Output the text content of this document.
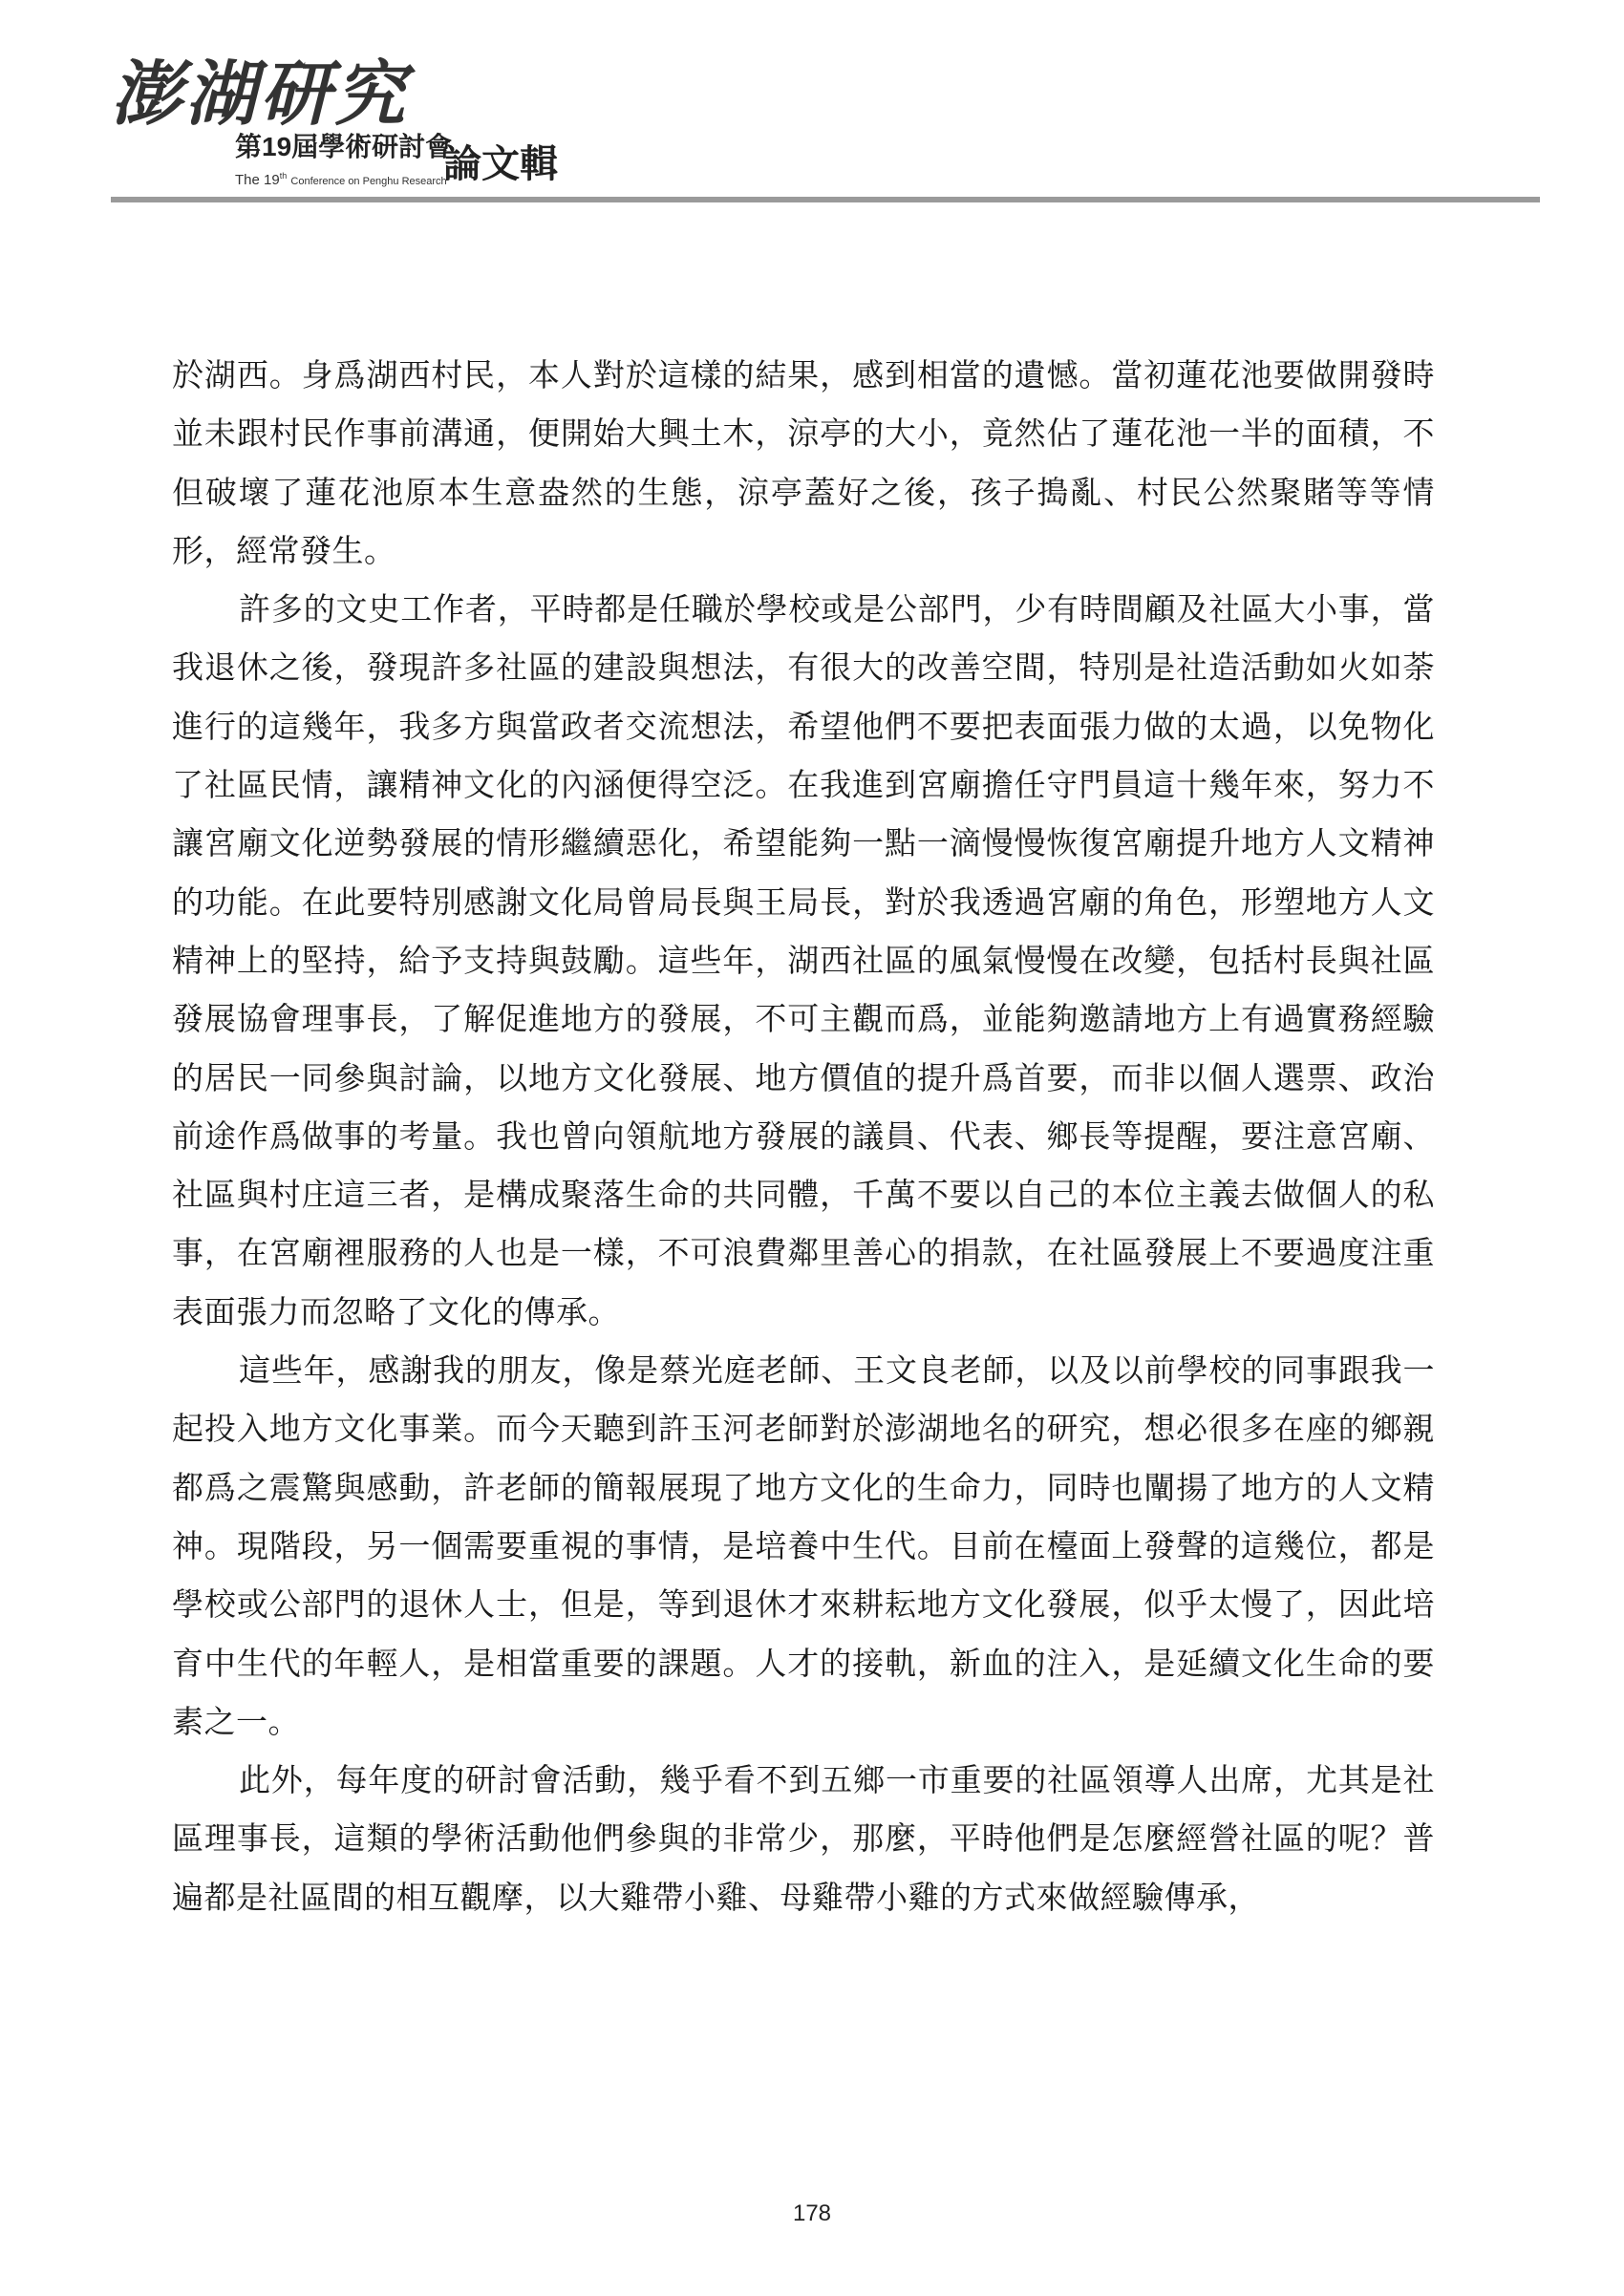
澎湖研究
第19屆學術研討會
The 19th Conference on Penghu Research
論文輯

於湖西。身爲湖西村民，本人對於這樣的結果，感到相當的遺憾。當初蓮花池要做開發時並未跟村民作事前溝通，便開始大興土木，涼亭的大小，竟然佔了蓮花池一半的面積，不但破壞了蓮花池原本生意盎然的生態，涼亭蓋好之後，孩子搗亂、村民公然聚賭等等情形，經常發生。

許多的文史工作者，平時都是任職於學校或是公部門，少有時間顧及社區大小事，當我退休之後，發現許多社區的建設與想法，有很大的改善空間，特別是社造活動如火如荼進行的這幾年，我多方與當政者交流想法，希望他們不要把表面張力做的太過，以免物化了社區民情，讓精神文化的內涵便得空泛。在我進到宮廟擔任守門員這十幾年來，努力不讓宮廟文化逆勢發展的情形繼續惡化，希望能夠一點一滴慢慢恢復宮廟提升地方人文精神的功能。在此要特別感謝文化局曾局長與王局長，對於我透過宮廟的角色，形塑地方人文精神上的堅持，給予支持與鼓勵。這些年，湖西社區的風氣慢慢在改變，包括村長與社區發展協會理事長，了解促進地方的發展，不可主觀而爲，並能夠邀請地方上有過實務經驗的居民一同參與討論，以地方文化發展、地方價值的提升爲首要，而非以個人選票、政治前途作爲做事的考量。我也曾向領航地方發展的議員、代表、鄉長等提醒，要注意宮廟、社區與村庄這三者，是構成聚落生命的共同體，千萬不要以自己的本位主義去做個人的私事，在宮廟裡服務的人也是一樣，不可浪費鄰里善心的捐款，在社區發展上不要過度注重表面張力而忽略了文化的傳承。

這些年，感謝我的朋友，像是蔡光庭老師、王文良老師，以及以前學校的同事跟我一起投入地方文化事業。而今天聽到許玉河老師對於澎湖地名的研究，想必很多在座的鄉親都爲之震驚與感動，許老師的簡報展現了地方文化的生命力，同時也闡揚了地方的人文精神。現階段，另一個需要重視的事情，是培養中生代。目前在檯面上發聲的這幾位，都是學校或公部門的退休人士，但是，等到退休才來耕耘地方文化發展，似乎太慢了，因此培育中生代的年輕人，是相當重要的課題。人才的接軌，新血的注入，是延續文化生命的要素之一。

此外，每年度的研討會活動，幾乎看不到五鄉一市重要的社區領導人出席，尤其是社區理事長，這類的學術活動他們參與的非常少，那麼，平時他們是怎麼經營社區的呢？普遍都是社區間的相互觀摩，以大雞帶小雞、母雞帶小雞的方式來做經驗傳承，

178
